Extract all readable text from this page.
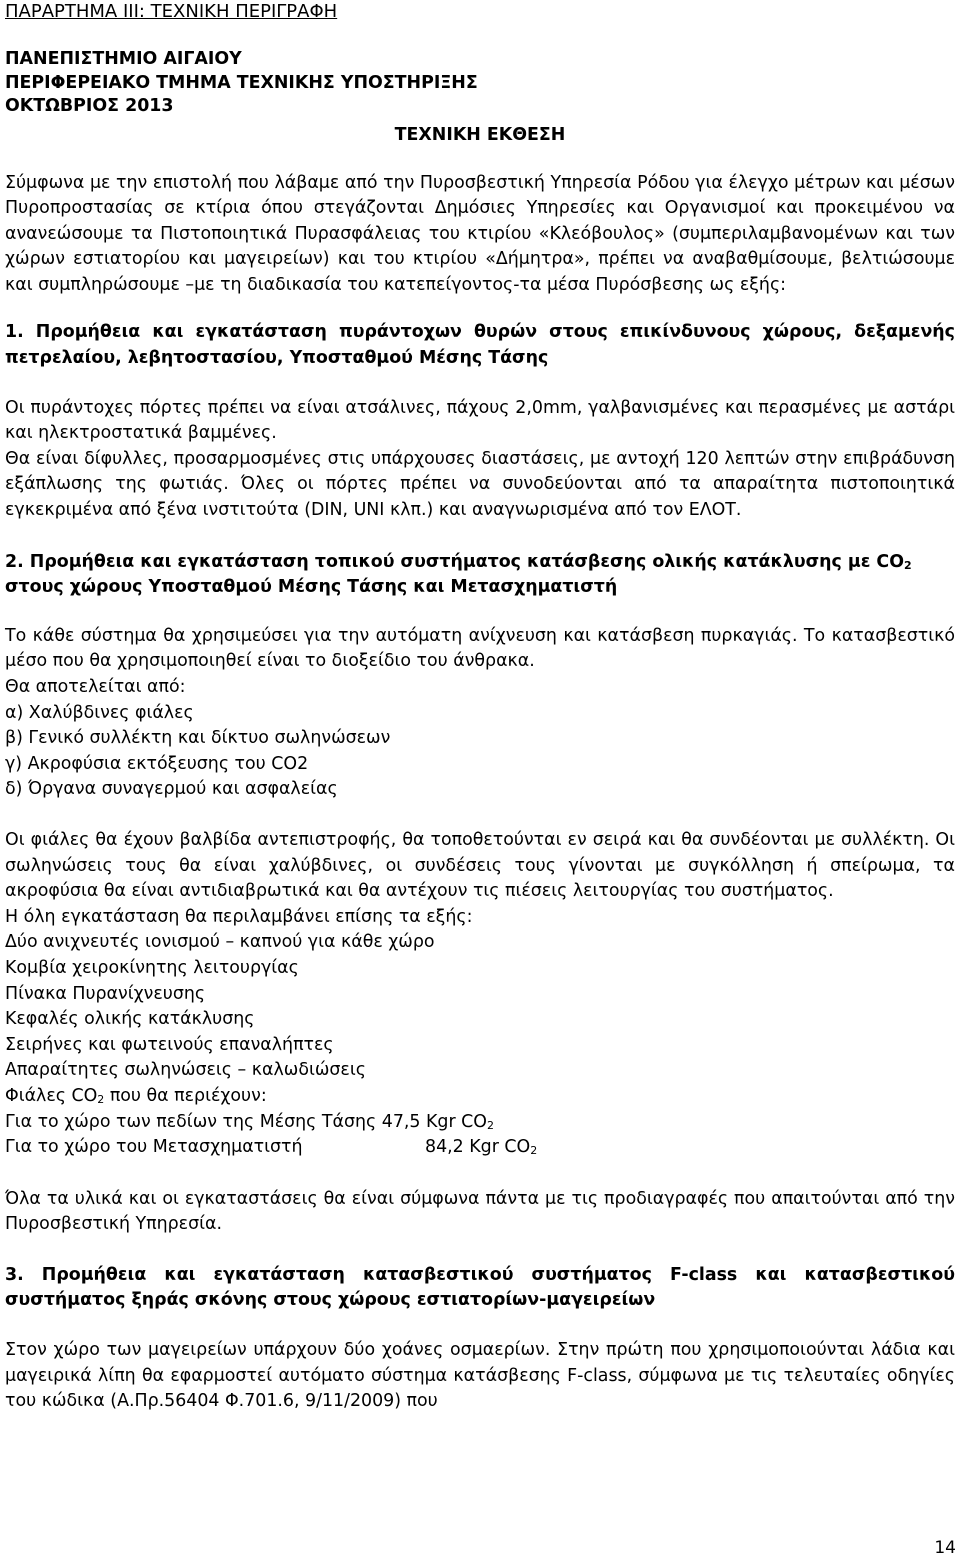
ΠΑΡΑΡΤΗΜΑ ΙΙΙ: ΤΕΧΝΙΚΗ ΠΕΡΙΓΡΑΦΗ

ΠΑΝΕΠΙΣΤΗΜΙΟ ΑΙΓΑΙΟΥ

ΠΕΡΙΦΕΡΕΙΑΚΟ ΤΜΗΜΑ ΤΕΧΝΙΚΗΣ ΥΠΟΣΤΗΡΙΞΗΣ

ΟΚΤΩΒΡΙΟΣ 2013

ΤΕΧΝΙΚΗ ΕΚΘΕΣΗ

Σύμφωνα με την επιστολή που λάβαμε από την Πυροσβεστική Υπηρεσία Ρόδου για έλεγχο μέτρων και μέσων Πυροπροστασίας σε κτίρια όπου στεγάζονται Δημόσιες Υπηρεσίες και Οργανισμοί και προκειμένου να ανανεώσουμε τα Πιστοποιητικά Πυρασφάλειας του κτιρίου «Κλεόβουλος» (συμπεριλαμβανομένων και των χώρων εστιατορίου και μαγειρείων) και του κτιρίου «Δήμητρα», πρέπει να αναβαθμίσουμε, βελτιώσουμε και συμπληρώσουμε –με τη διαδικασία του κατεπείγοντος-τα μέσα Πυρόσβεσης ως εξής:

1. Προμήθεια και εγκατάσταση πυράντοχων θυρών στους επικίνδυνους χώρους, δεξαμενής πετρελαίου, λεβητοστασίου, Υποσταθμού Μέσης Τάσης

Οι πυράντοχες πόρτες πρέπει να είναι ατσάλινες, πάχους 2,0mm, γαλβανισμένες και περασμένες με αστάρι και ηλεκτροστατικά βαμμένες.

Θα είναι δίφυλλες, προσαρμοσμένες στις υπάρχουσες διαστάσεις, με αντοχή 120 λεπτών στην επιβράδυνση εξάπλωσης της φωτιάς. Όλες οι πόρτες πρέπει να συνοδεύονται από τα απαραίτητα πιστοποιητικά εγκεκριμένα από ξένα ινστιτούτα (DIN, UNI κλπ.) και αναγνωρισμένα από τον ΕΛΟΤ.

2. Προμήθεια και εγκατάσταση τοπικού συστήματος κατάσβεσης ολικής κατάκλυσης με $CO_2$
στους χώρους Υποσταθμού Μέσης Τάσης και Μετασχηματιστή

Το κάθε σύστημα θα χρησιμεύσει για την αυτόματη ανίχνευση και κατάσβεση πυρκαγιάς. Το κατασβεστικό μέσο που θα χρησιμοποιηθεί είναι το διοξείδιο του άνθρακα.

Θα αποτελείται από:

α) Χαλύβδινες φιάλες
β) Γενικό συλλέκτη και δίκτυο σωληνώσεων
γ) Ακροφύσια εκτόξευσης του CO2
δ) Όργανα συναγερμού και ασφαλείας

Οι φιάλες θα έχουν βαλβίδα αντεπιστροφής, θα τοποθετούνται εν σειρά και θα συνδέονται με συλλέκτη. Οι σωληνώσεις τους θα είναι χαλύβδινες, οι συνδέσεις τους γίνονται με συγκόλληση ή σπείρωμα, τα ακροφύσια θα είναι αντιδιαβρωτικά και θα αντέχουν τις πιέσεις λειτουργίας του συστήματος.

Η όλη εγκατάσταση θα περιλαμβάνει επίσης τα εξής:

Δύο ανιχνευτές ιονισμού – καπνού για κάθε χώρο
Κομβία χειροκίνητης λειτουργίας
Πίνακα Πυρανίχνευσης
Κεφαλές ολικής κατάκλυσης
Σειρήνες και φωτεινούς επαναλήπτες
Απαραίτητες σωληνώσεις – καλωδιώσεις

Φιάλες $CO_2$ που θα περιέχουν:

Για το χώρο των πεδίων της Μέσης Τάσης 47,5 Kgr $CO_2$
Για το χώρο του Μετασχηματιστή	84,2 Kgr $CO_2$

Όλα τα υλικά και οι εγκαταστάσεις θα είναι σύμφωνα πάντα με τις προδιαγραφές που απαιτούνται από την Πυροσβεστική Υπηρεσία.

3. Προμήθεια και εγκατάσταση κατασβεστικού συστήματος F-class και κατασβεστικού συστήματος ξηράς σκόνης στους χώρους εστιατορίων-μαγειρείων

Στον χώρο των μαγειρείων υπάρχουν δύο χοάνες οσμαερίων. Στην πρώτη που χρησιμοποιούνται λάδια και μαγειρικά λίπη θα εφαρμοστεί αυτόματο σύστημα κατάσβεσης F-class, σύμφωνα με τις τελευταίες οδηγίες του κώδικα (Α.Πρ.56404 Φ.701.6, 9/11/2009) που

14
